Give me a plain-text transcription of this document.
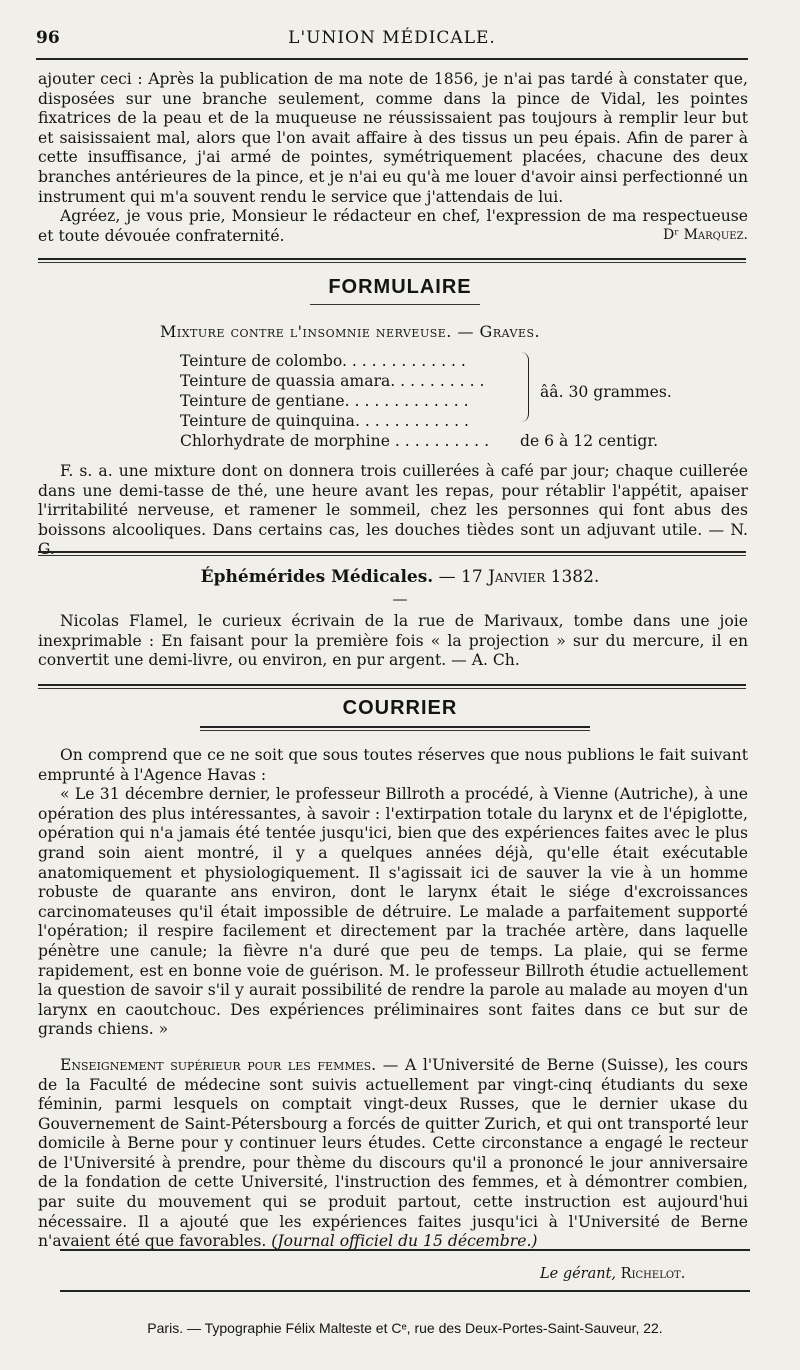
96	L'UNION MÉDICALE.

ajouter ceci : Après la publication de ma note de 1856, je n'ai pas tardé à constater que, disposées sur une branche seulement, comme dans la pince de Vidal, les pointes fixatrices de la peau et de la muqueuse ne réussissaient pas toujours à remplir leur but et saisissaient mal, alors que l'on avait affaire à des tissus un peu épais. Afin de parer à cette insuffisance, j'ai armé de pointes, symétriquement placées, chacune des deux branches antérieures de la pince, et je n'ai eu qu'à me louer d'avoir ainsi perfectionné un instrument qui m'a souvent rendu le service que j'attendais de lui.

Agréez, je vous prie, Monsieur le rédacteur en chef, l'expression de ma respectueuse et toute dévouée confraternité.	Dʳ Marquez.
FORMULAIRE
Mixture contre l'insomnie nerveuse. — Graves.
Teinture de colombo. . . . . . . . . . . . .
Teinture de quassia amara. . . . . . . . . .
Teinture de gentiane. . . . . . . . . . . . .
Teinture de quinquina. . . . . . . . . . . .
Chlorhydrate de morphine . . . . . . . . . .
ââ. 30 grammes.
de 6 à 12 centigr.

F. s. a. une mixture dont on donnera trois cuillerées à café par jour; chaque cuillerée dans une demi-tasse de thé, une heure avant les repas, pour rétablir l'appétit, apaiser l'irritabilité nerveuse, et ramener le sommeil, chez les personnes qui font abus des boissons alcooliques. Dans certains cas, les douches tièdes sont un adjuvant utile. — N. G.

Éphémérides Médicales. — 17 Janvier 1382.
—

Nicolas Flamel, le curieux écrivain de la rue de Marivaux, tombe dans une joie inexprimable : En faisant pour la première fois « la projection » sur du mercure, il en convertit une demi-livre, ou environ, en pur argent. — A. Ch.

COURRIER

On comprend que ce ne soit que sous toutes réserves que nous publions le fait suivant emprunté à l'Agence Havas :

« Le 31 décembre dernier, le professeur Billroth a procédé, à Vienne (Autriche), à une opération des plus intéressantes, à savoir : l'extirpation totale du larynx et de l'épiglotte, opération qui n'a jamais été tentée jusqu'ici, bien que des expériences faites avec le plus grand soin aient montré, il y a quelques années déjà, qu'elle était exécutable anatomiquement et physiologiquement. Il s'agissait ici de sauver la vie à un homme robuste de quarante ans environ, dont le larynx était le siége d'excroissances carcinomateuses qu'il était impossible de détruire. Le malade a parfaitement supporté l'opération; il respire facilement et directement par la trachée artère, dans laquelle pénètre une canule; la fièvre n'a duré que peu de temps. La plaie, qui se ferme rapidement, est en bonne voie de guérison. M. le professeur Billroth étudie actuellement la question de savoir s'il y aurait possibilité de rendre la parole au malade au moyen d'un larynx en caoutchouc. Des expériences préliminaires sont faites dans ce but sur de grands chiens. »

Enseignement supérieur pour les femmes. — A l'Université de Berne (Suisse), les cours de la Faculté de médecine sont suivis actuellement par vingt-cinq étudiants du sexe féminin, parmi lesquels on comptait vingt-deux Russes, que le dernier ukase du Gouvernement de Saint-Pétersbourg a forcés de quitter Zurich, et qui ont transporté leur domicile à Berne pour y continuer leurs études. Cette circonstance a engagé le recteur de l'Université à prendre, pour thème du discours qu'il a prononcé le jour anniversaire de la fondation de cette Université, l'instruction des femmes, et à démontrer combien, par suite du mouvement qui se produit partout, cette instruction est aujourd'hui nécessaire. Il a ajouté que les expériences faites jusqu'ici à l'Université de Berne n'avaient été que favorables. (Journal officiel du 15 décembre.)

Le gérant, Richelot.
Paris. — Typographie Félix Malteste et Cᵉ, rue des Deux-Portes-Saint-Sauveur, 22.
